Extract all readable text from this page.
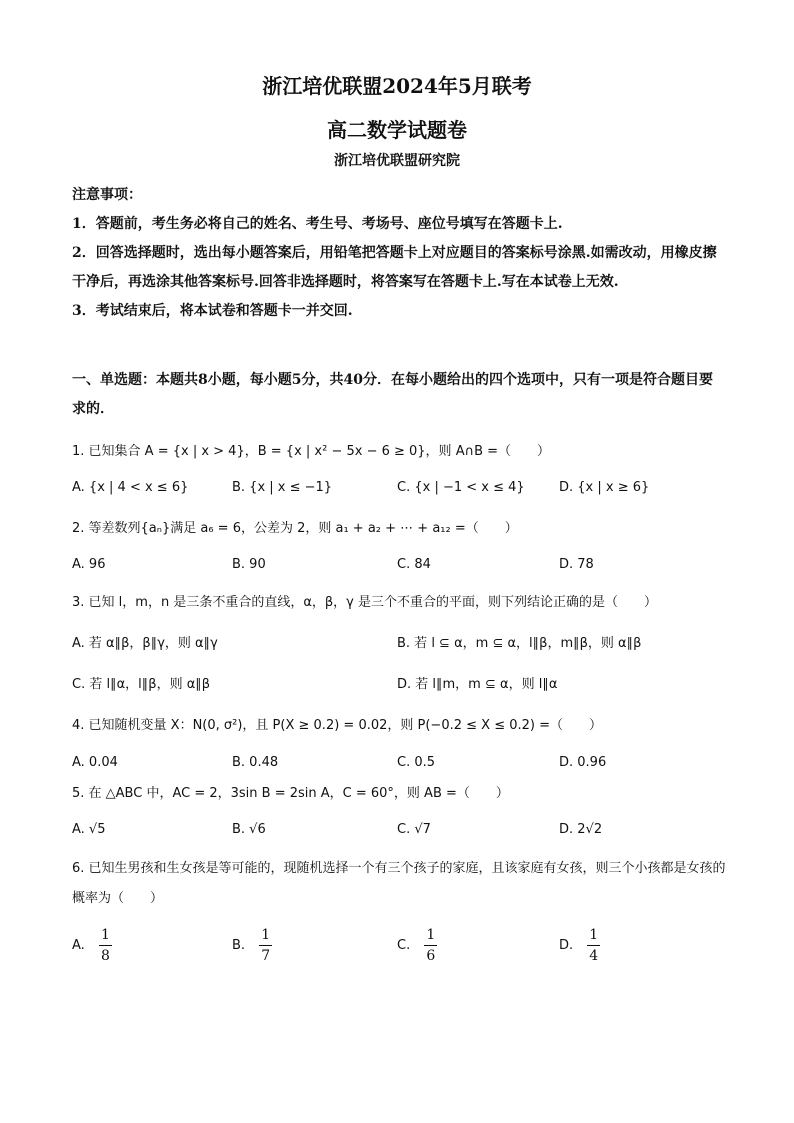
浙江培优联盟2024年5月联考
高二数学试题卷
浙江培优联盟研究院

注意事项：

1．答题前，考生务必将自己的姓名、考生号、考场号、座位号填写在答题卡上.

2．回答选择题时，选出每小题答案后，用铅笔把答题卡上对应题目的答案标号涂黑.如需改动，用橡皮擦干净后，再选涂其他答案标号.回答非选择题时，将答案写在答题卡上.写在本试卷上无效.

3．考试结束后，将本试卷和答题卡一并交回.

一、单选题：本题共8小题，每小题5分，共40分．在每小题给出的四个选项中，只有一项是符合题目要求的．
1. 已知集合 A = {x | x > 4}，B = {x | x² − 5x − 6 ≥ 0}，则 A∩B =（　　）
A. {x | 4 < x ≤ 6}	B. {x | x ≤ −1}	C. {x | −1 < x ≤ 4}	D. {x | x ≥ 6}
2. 等差数列{aₙ}满足 a₆ = 6，公差为 2，则 a₁ + a₂ + ⋯ + a₁₂ =（　　）
A. 96	B. 90	C. 84	D. 78
3. 已知 l，m，n 是三条不重合的直线，α，β，γ 是三个不重合的平面，则下列结论正确的是（　　）
A. 若 α∥β，β∥γ，则 α∥γ	B. 若 l ⊆ α，m ⊆ α，l∥β，m∥β，则 α∥β
C. 若 l∥α，l∥β，则 α∥β	D. 若 l∥m，m ⊆ α，则 l∥α
4. 已知随机变量 X：N(0, σ²)，且 P(X ≥ 0.2) = 0.02，则 P(−0.2 ≤ X ≤ 0.2) =（　　）
A. 0.04	B. 0.48	C. 0.5	D. 0.96
5. 在 △ABC 中，AC = 2，3sin B = 2sin A，C = 60°，则 AB =（　　）
A. √5	B. √6	C. √7	D. 2√2
6. 已知生男孩和生女孩是等可能的，现随机选择一个有三个孩子的家庭，且该家庭有女孩，则三个小孩都是女孩的概率为（　　）
A. $\frac{1}{8}$	B. $\frac{1}{7}$	C. $\frac{1}{6}$	D. $\frac{1}{4}$
